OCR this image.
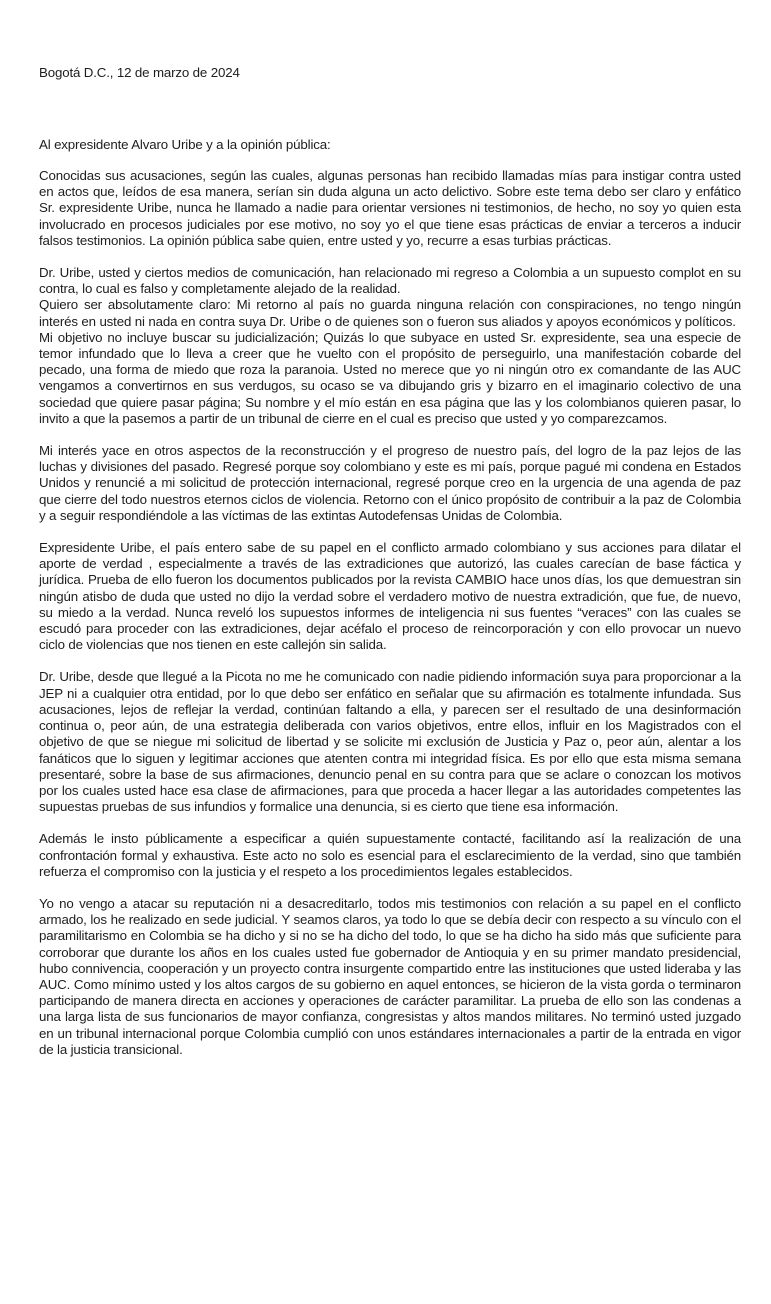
Bogotá D.C., 12 de marzo de 2024
Al expresidente Alvaro Uribe y a la opinión pública:

Conocidas sus acusaciones, según las cuales, algunas personas han recibido llamadas mías para instigar contra usted en actos que, leídos de esa manera, serían sin duda alguna un acto delictivo. Sobre este tema debo ser claro y enfático Sr. expresidente Uribe, nunca he llamado a nadie para orientar versiones ni testimonios, de hecho, no soy yo quien esta involucrado en procesos judiciales por ese motivo, no soy yo el que tiene esas prácticas de enviar a terceros a inducir falsos testimonios. La opinión pública sabe quien, entre usted y yo, recurre a esas turbias prácticas.

Dr. Uribe, usted y ciertos medios de comunicación, han relacionado mi regreso a Colombia a un supuesto complot en su contra, lo cual es falso y completamente alejado de la realidad.

Quiero ser absolutamente claro: Mi retorno al país no guarda ninguna relación con conspiraciones, no tengo ningún interés en usted ni nada en contra suya Dr. Uribe o de quienes son o fueron sus aliados y apoyos económicos y políticos.

Mi objetivo no incluye buscar su judicialización; Quizás lo que subyace en usted Sr. expresidente, sea una especie de temor infundado que lo lleva a creer que he vuelto con el propósito de perseguirlo, una manifestación cobarde del pecado, una forma de miedo que roza la paranoia. Usted no merece que yo ni ningún otro ex comandante de las AUC vengamos a convertirnos en sus verdugos, su ocaso se va dibujando gris y bizarro en el imaginario colectivo de una sociedad que quiere pasar página; Su nombre y el mío están en esa página que las y los colombianos quieren pasar, lo invito a que la pasemos a partir de un tribunal de cierre en el cual es preciso que usted y yo comparezcamos.

Mi interés yace en otros aspectos de la reconstrucción y el progreso de nuestro país, del logro de la paz lejos de las luchas y divisiones del pasado. Regresé porque soy colombiano y este es mi país, porque pagué mi condena en Estados Unidos y renuncié a mi solicitud de protección internacional, regresé porque creo en la urgencia de una agenda de paz que cierre del todo nuestros eternos ciclos de violencia. Retorno con el único propósito de contribuir a la paz de Colombia y a seguir respondiéndole a las víctimas de las extintas Autodefensas Unidas de Colombia.

Expresidente Uribe, el país entero sabe de su papel en el conflicto armado colombiano y sus acciones para dilatar el aporte de verdad , especialmente a través de las extradiciones que autorizó, las cuales carecían de base fáctica y jurídica. Prueba de ello fueron los documentos publicados por la revista CAMBIO hace unos días, los que demuestran sin ningún atisbo de duda que usted no dijo la verdad sobre el verdadero motivo de nuestra extradición, que fue, de nuevo, su miedo a la verdad. Nunca reveló los supuestos informes de inteligencia ni sus fuentes “veraces” con las cuales se escudó para proceder con las extradiciones, dejar acéfalo el proceso de reincorporación y con ello provocar un nuevo ciclo de violencias que nos tienen en este callejón sin salida.

Dr. Uribe, desde que llegué a la Picota no me he comunicado con nadie pidiendo información suya para proporcionar a la JEP ni a cualquier otra entidad, por lo que debo ser enfático en señalar que su afirmación es totalmente infundada. Sus acusaciones, lejos de reflejar la verdad, continúan faltando a ella, y parecen ser el resultado de una desinformación continua o, peor aún, de una estrategia deliberada con varios objetivos, entre ellos, influir en los Magistrados con el objetivo de que se niegue mi solicitud de libertad y se solicite mi exclusión de Justicia y Paz o, peor aún, alentar a los fanáticos que lo siguen y legitimar acciones que atenten contra mi integridad física. Es por ello que esta misma semana presentaré, sobre la base de sus afirmaciones, denuncio penal en su contra para que se aclare o conozcan los motivos por los cuales usted hace esa clase de afirmaciones, para que proceda a hacer llegar a las autoridades competentes las supuestas pruebas de sus infundios y formalice una denuncia, si es cierto que tiene esa información.

Además le insto públicamente a especificar a quién supuestamente contacté, facilitando así la realización de una confrontación formal y exhaustiva. Este acto no solo es esencial para el esclarecimiento de la verdad, sino que también refuerza el compromiso con la justicia y el respeto a los procedimientos legales establecidos.

Yo no vengo a atacar su reputación ni a desacreditarlo, todos mis testimonios con relación a su papel en el conflicto armado, los he realizado en sede judicial. Y seamos claros, ya todo lo que se debía decir con respecto a su vínculo con el paramilitarismo en Colombia se ha dicho y si no se ha dicho del todo, lo que se ha dicho ha sido más que suficiente para corroborar que durante los años en los cuales usted fue gobernador de Antioquia y en su primer mandato presidencial, hubo connivencia, cooperación y un proyecto contra insurgente compartido entre las instituciones que usted lideraba y las AUC. Como mínimo usted y los altos cargos de su gobierno en aquel entonces, se hicieron de la vista gorda o terminaron participando de manera directa en acciones y operaciones de carácter paramilitar. La prueba de ello son las condenas a una larga lista de sus funcionarios de mayor confianza, congresistas y altos mandos militares. No terminó usted juzgado en un tribunal internacional porque Colombia cumplió con unos estándares internacionales a partir de la entrada en vigor de la justicia transicional.
